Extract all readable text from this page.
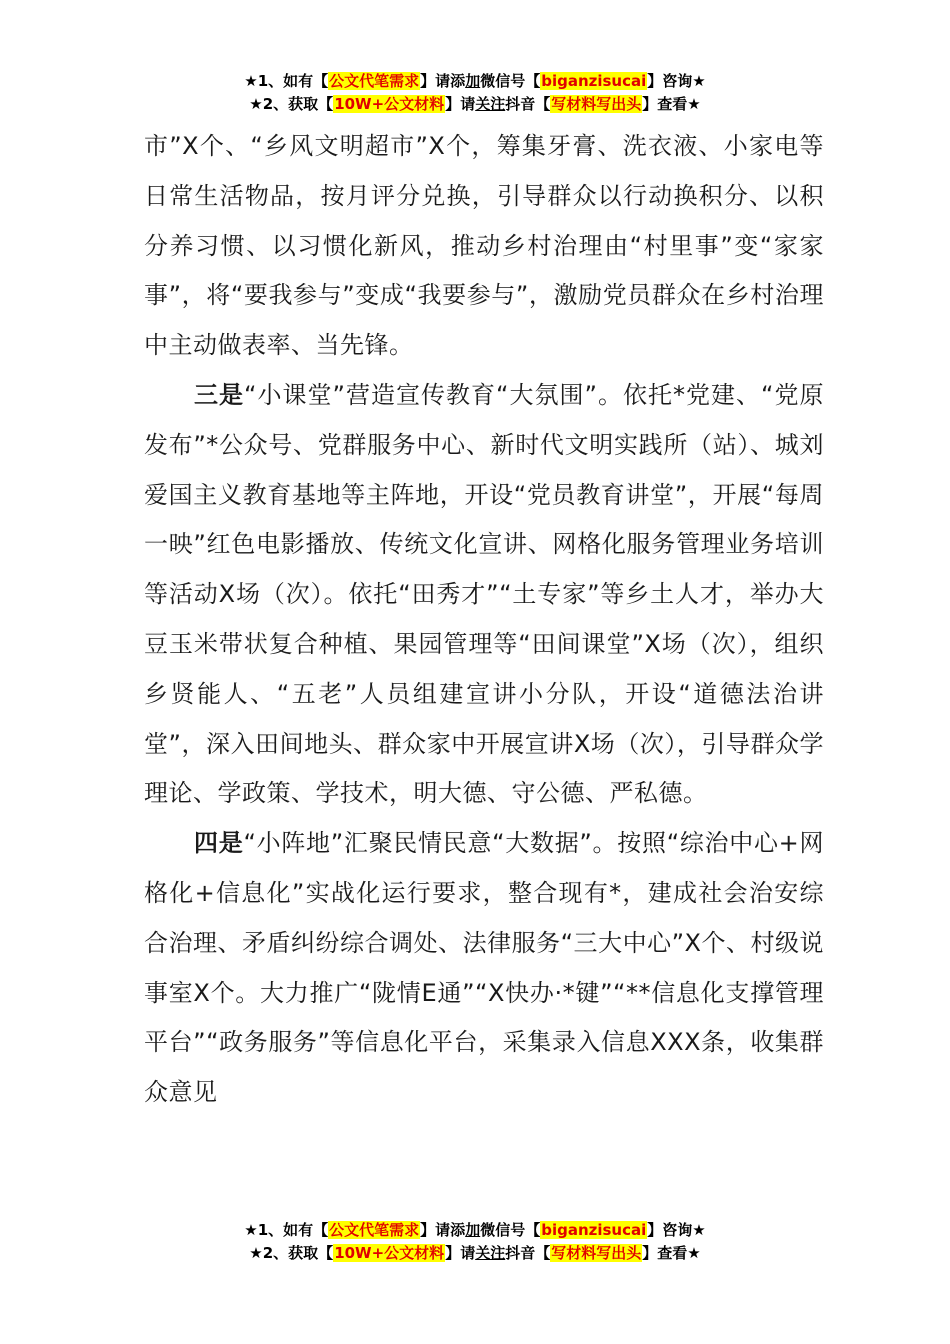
★1、如有【公文代笔需求】请添加微信号【biganzisucai】咨询★
★2、获取【10W+公文材料】请关注抖音【写材料写出头】查看★

市”X个、“乡风文明超市”X个，筹集牙膏、洗衣液、小家电等日常生活物品，按月评分兑换，引导群众以行动换积分、以积分养习惯、以习惯化新风，推动乡村治理由“村里事”变“家家事”，将“要我参与”变成“我要参与”，激励党员群众在乡村治理中主动做表率、当先锋。

三是“小课堂”营造宣传教育“大氛围”。依托*党建、“党原发布”*公众号、党群服务中心、新时代文明实践所（站）、城刘爱国主义教育基地等主阵地，开设“党员教育讲堂”，开展“每周一映”红色电影播放、传统文化宣讲、网格化服务管理业务培训等活动X场（次）。依托“田秀才”“土专家”等乡土人才，举办大豆玉米带状复合种植、果园管理等“田间课堂”X场（次），组织乡贤能人、“五老”人员组建宣讲小分队，开设“道德法治讲堂”，深入田间地头、群众家中开展宣讲X场（次），引导群众学理论、学政策、学技术，明大德、守公德、严私德。

四是“小阵地”汇聚民情民意“大数据”。按照“综治中心+网格化+信息化”实战化运行要求，整合现有*，建成社会治安综合治理、矛盾纠纷综合调处、法律服务“三大中心”X个、村级说事室X个。大力推广“陇情E通”“X快办·*键”“**信息化支撑管理平台”“政务服务”等信息化平台，采集录入信息XXX条，收集群众意见

★1、如有【公文代笔需求】请添加微信号【biganzisucai】咨询★
★2、获取【10W+公文材料】请关注抖音【写材料写出头】查看★
